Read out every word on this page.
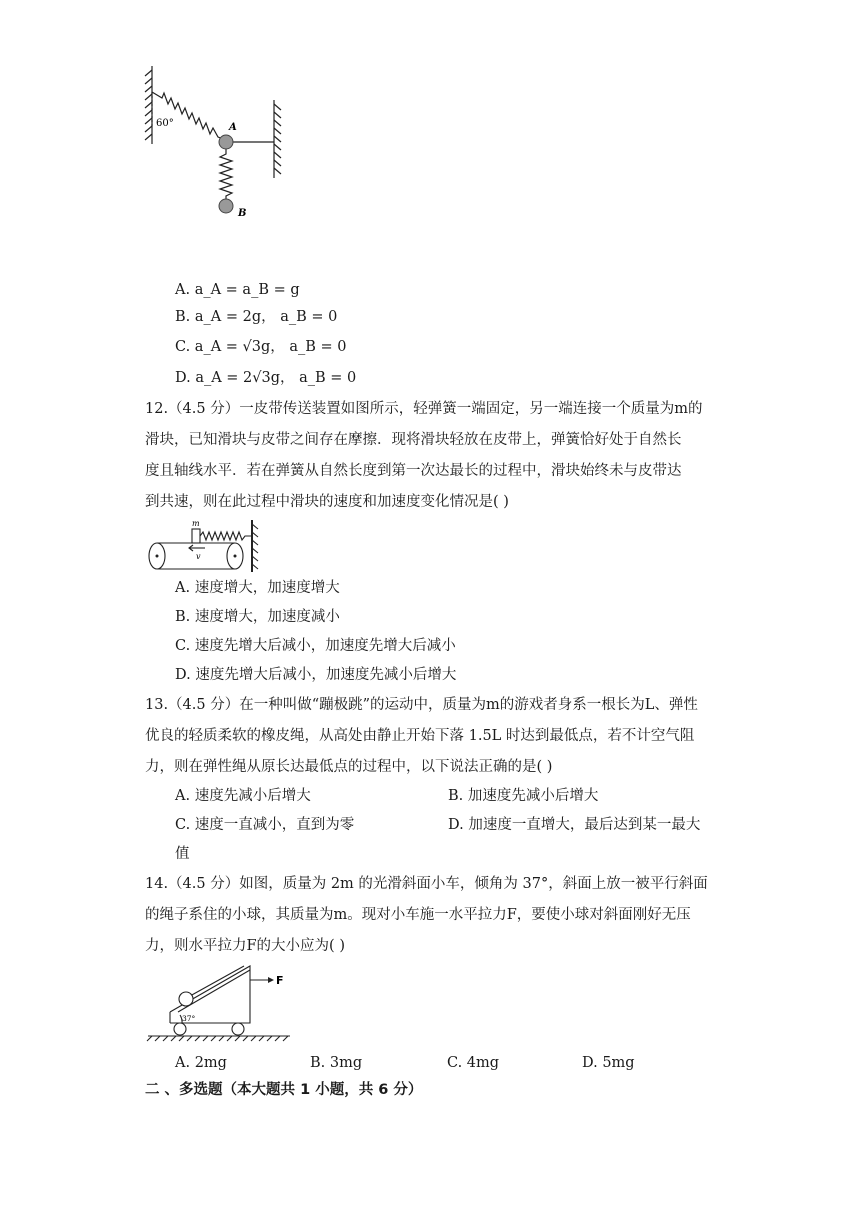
60°	A
B
A. a_A = a_B = g
B. a_A = 2g， a_B = 0
C. a_A = √3g， a_B = 0
D. a_A = 2√3g， a_B = 0
12.（4.5 分）一皮带传送装置如图所示，轻弹簧一端固定，另一端连接一个质量为m的
滑块，已知滑块与皮带之间存在摩擦．现将滑块轻放在皮带上，弹簧恰好处于自然长
度且轴线水平．若在弹簧从自然长度到第一次达最长的过程中，滑块始终未与皮带达
到共速，则在此过程中滑块的速度和加速度变化情况是( )
m
v
A. 速度增大，加速度增大
B. 速度增大，加速度减小
C. 速度先增大后减小，加速度先增大后减小
D. 速度先增大后减小，加速度先减小后增大
13.（4.5 分）在一种叫做“蹦极跳”的运动中，质量为m的游戏者身系一根长为L、弹性
优良的轻质柔软的橡皮绳，从高处由静止开始下落 1.5L 时达到最低点，若不计空气阻
力，则在弹性绳从原长达最低点的过程中，以下说法正确的是( )
A. 速度先减小后增大	B. 加速度先减小后增大
C. 速度一直减小，直到为零	D. 加速度一直增大，最后达到某一最大
值
14.（4.5 分）如图，质量为 2m 的光滑斜面小车，倾角为 37°，斜面上放一被平行斜面
的绳子系住的小球，其质量为m。现对小车施一水平拉力F，要使小球对斜面刚好无压
力，则水平拉力F的大小应为( )
F
37°
A. 2mg	B. 3mg	C. 4mg	D. 5mg
二 、多选题（本大题共 1 小题，共 6 分）
